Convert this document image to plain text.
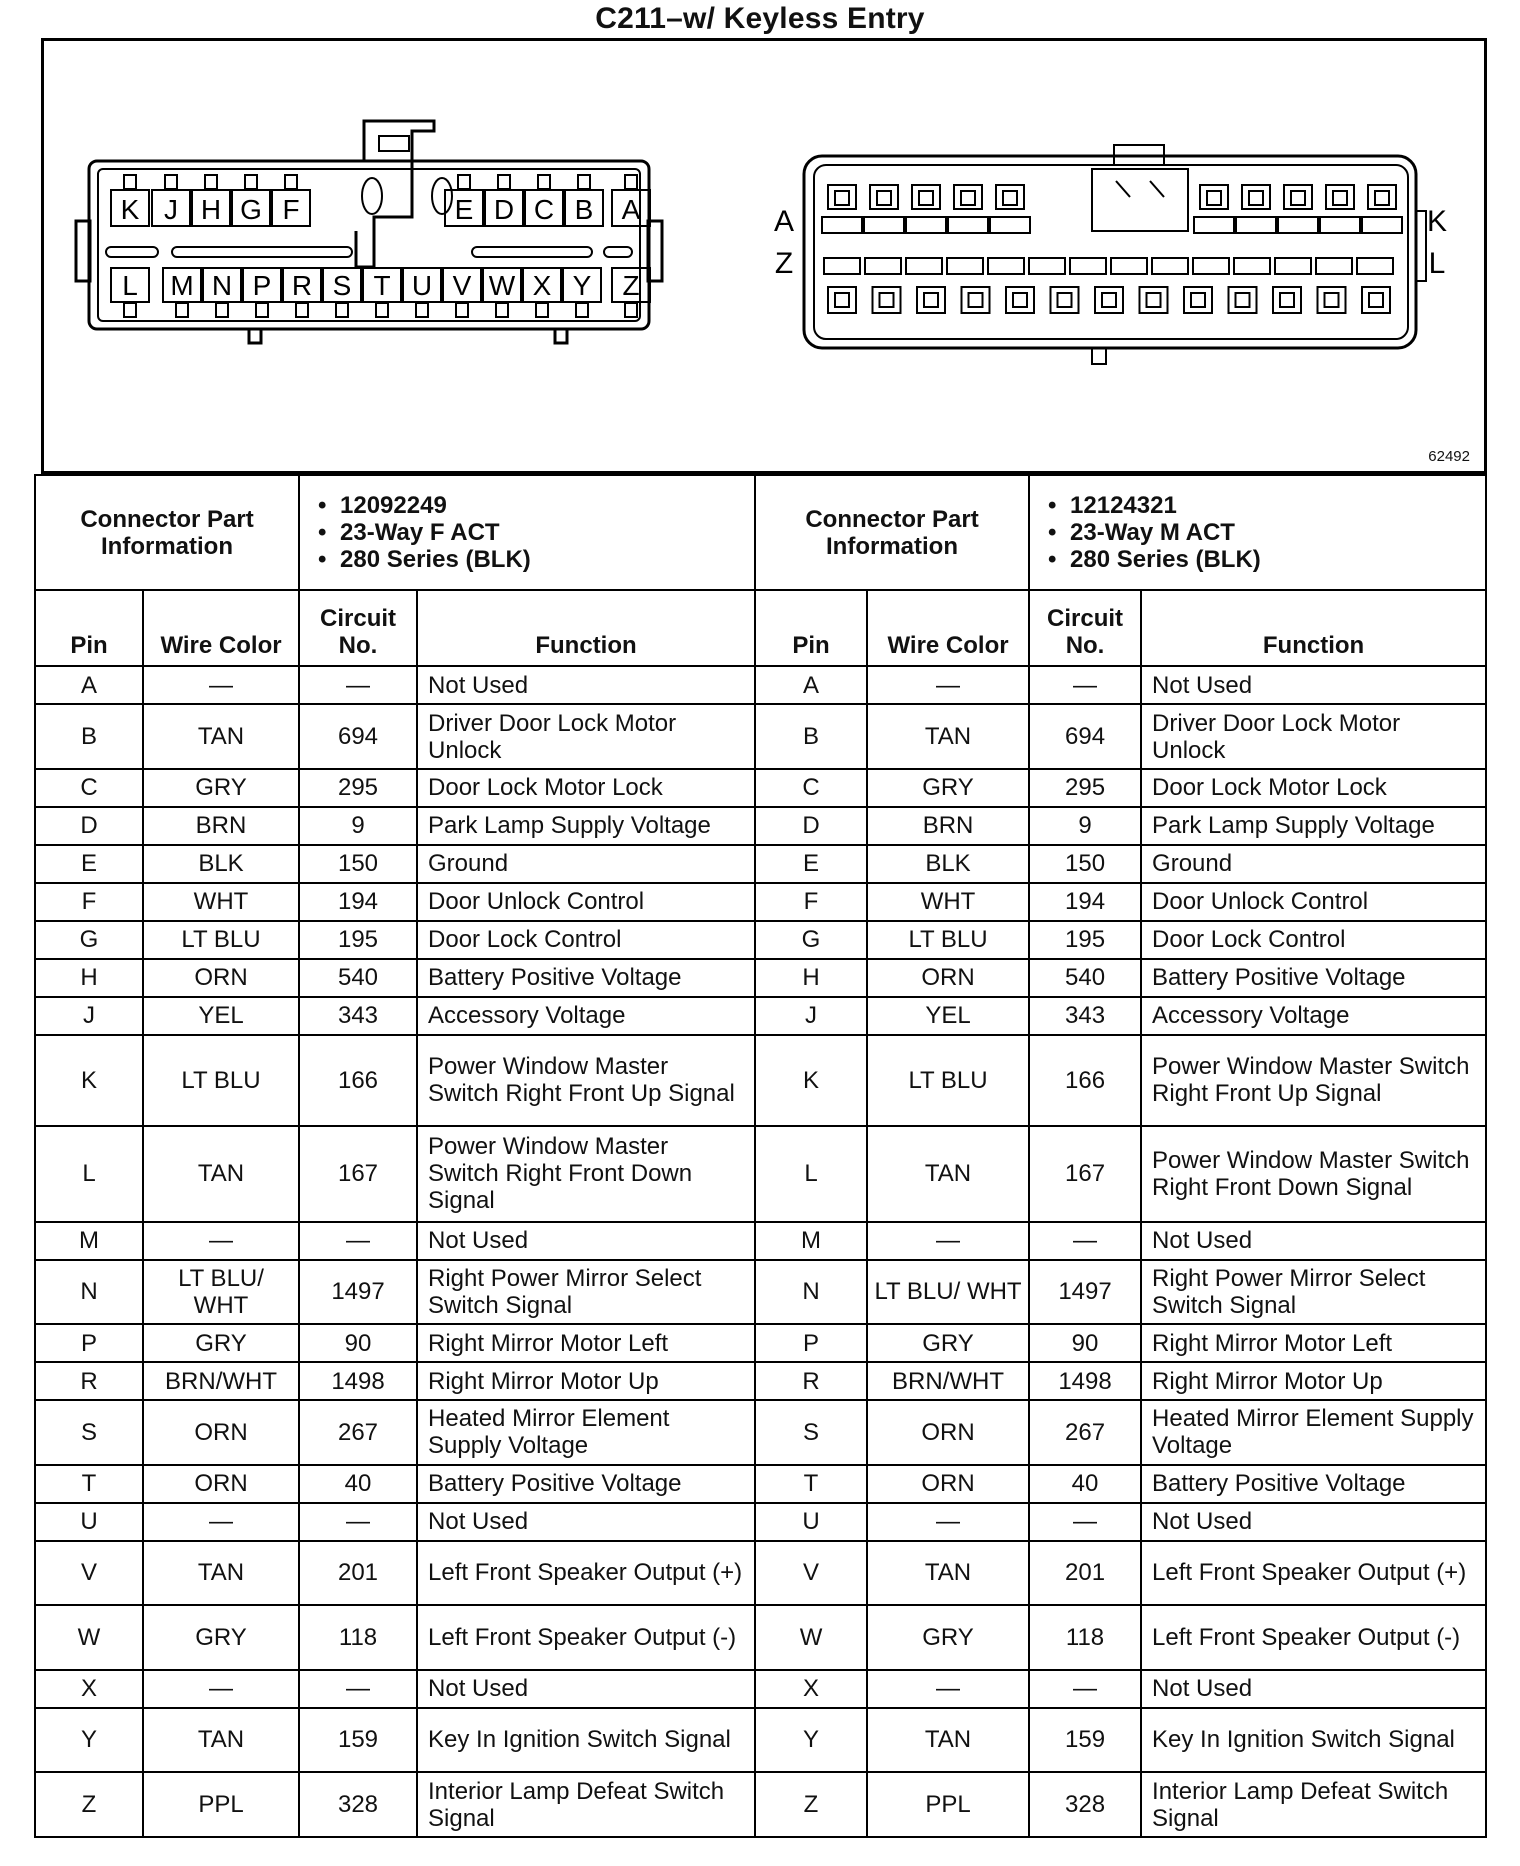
C211–w/ Keyless Entry
K J H G F	E D C B A
L M N P R S T U V W X Y Z
A
Z
K
L
62492
Connector Part Information		• 12092249
• 23-Way F ACT
• 280 Series (BLK)		Connector Part Information		• 12124321
• 23-Way M ACT
• 280 Series (BLK)

Pin	Wire Color	Circuit No.	Function	Pin	Wire Color	Circuit No.	Function
A	—	—	Not Used	A	—	—	Not Used
B	TAN	694	Driver Door Lock Motor Unlock	B	TAN	694	Driver Door Lock Motor Unlock
C	GRY	295	Door Lock Motor Lock	C	GRY	295	Door Lock Motor Lock
D	BRN	9	Park Lamp Supply Voltage	D	BRN	9	Park Lamp Supply Voltage
E	BLK	150	Ground	E	BLK	150	Ground
F	WHT	194	Door Unlock Control	F	WHT	194	Door Unlock Control
G	LT BLU	195	Door Lock Control	G	LT BLU	195	Door Lock Control
H	ORN	540	Battery Positive Voltage	H	ORN	540	Battery Positive Voltage
J	YEL	343	Accessory Voltage	J	YEL	343	Accessory Voltage
K	LT BLU	166	Power Window Master Switch Right Front Up Signal	K	LT BLU	166	Power Window Master Switch Right Front Up Signal
L	TAN	167	Power Window Master Switch Right Front Down Signal	L	TAN	167	Power Window Master Switch Right Front Down Signal
M	—	—	Not Used	M	—	—	Not Used
N	LT BLU/ WHT	1497	Right Power Mirror Select Switch Signal	N	LT BLU/ WHT	1497	Right Power Mirror Select Switch Signal
P	GRY	90	Right Mirror Motor Left	P	GRY	90	Right Mirror Motor Left
R	BRN/WHT	1498	Right Mirror Motor Up	R	BRN/WHT	1498	Right Mirror Motor Up
S	ORN	267	Heated Mirror Element Supply Voltage	S	ORN	267	Heated Mirror Element Supply Voltage
T	ORN	40	Battery Positive Voltage	T	ORN	40	Battery Positive Voltage
U	—	—	Not Used	U	—	—	Not Used
V	TAN	201	Left Front Speaker Output (+)	V	TAN	201	Left Front Speaker Output (+)
W	GRY	118	Left Front Speaker Output (-)	W	GRY	118	Left Front Speaker Output (-)
X	—	—	Not Used	X	—	—	Not Used
Y	TAN	159	Key In Ignition Switch Signal	Y	TAN	159	Key In Ignition Switch Signal
Z	PPL	328	Interior Lamp Defeat Switch Signal	Z	PPL	328	Interior Lamp Defeat Switch Signal
